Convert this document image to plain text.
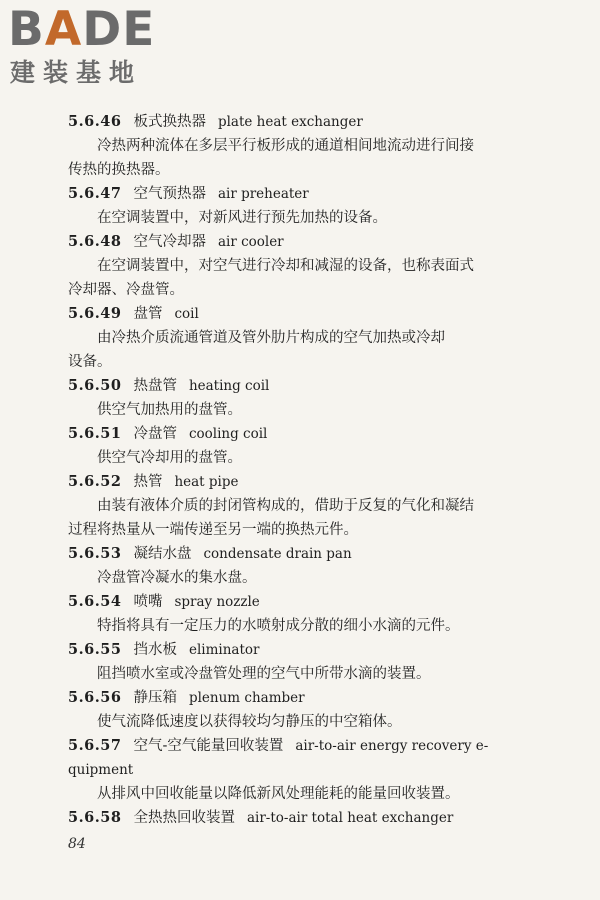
BADE
建装基地
5.6.46 板式换热器 plate heat exchanger

冷热两种流体在多层平行板形成的通道相间地流动进行间接

传热的换热器。

5.6.47 空气预热器 air preheater

在空调装置中，对新风进行预先加热的设备。

5.6.48 空气冷却器 air cooler

在空调装置中，对空气进行冷却和减湿的设备，也称表面式

冷却器、冷盘管。

5.6.49 盘管 coil

由冷热介质流通管道及管外肋片构成的空气加热或冷却

设备。

5.6.50 热盘管 heating coil

供空气加热用的盘管。

5.6.51 冷盘管 cooling coil

供空气冷却用的盘管。

5.6.52 热管 heat pipe

由装有液体介质的封闭管构成的，借助于反复的气化和凝结

过程将热量从一端传递至另一端的换热元件。

5.6.53 凝结水盘 condensate drain pan

冷盘管冷凝水的集水盘。

5.6.54 喷嘴 spray nozzle

特指将具有一定压力的水喷射成分散的细小水滴的元件。

5.6.55 挡水板 eliminator

阻挡喷水室或冷盘管处理的空气中所带水滴的装置。

5.6.56 静压箱 plenum chamber

使气流降低速度以获得较均匀静压的中空箱体。

5.6.57 空气-空气能量回收装置 air-to-air energy recovery e-
quipment

从排风中回收能量以降低新风处理能耗的能量回收装置。

5.6.58 全热热回收装置 air-to-air total heat exchanger
84
